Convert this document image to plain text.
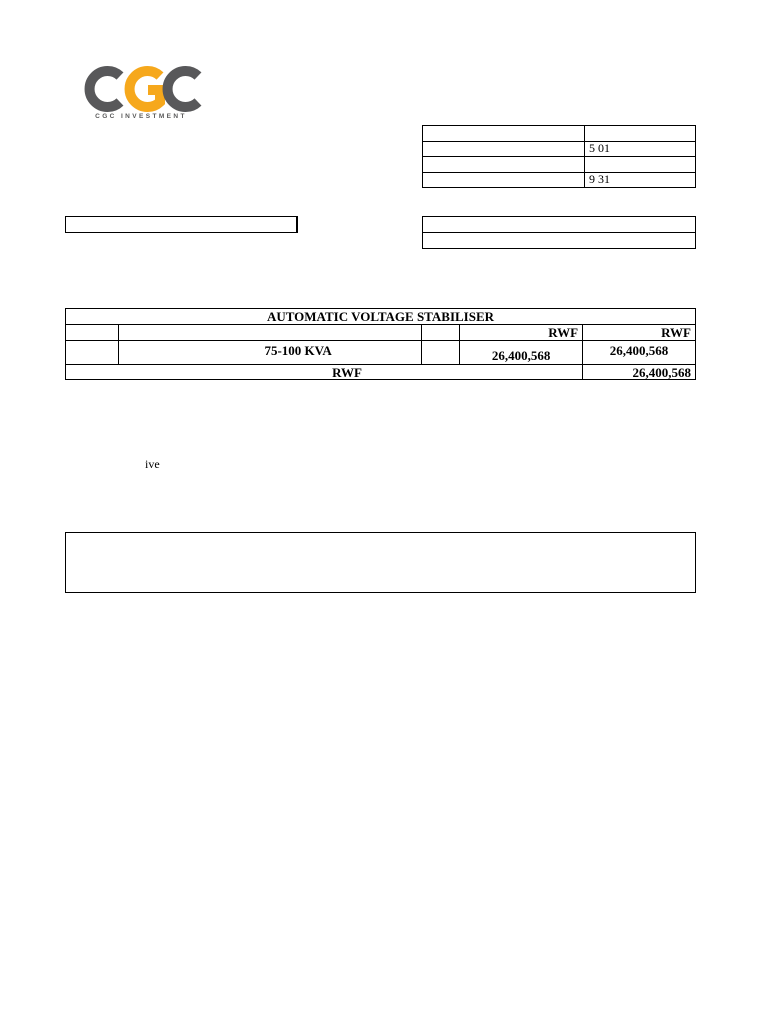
CGC INVESTMENT

	5 01

	9 31

AUTOMATIC VOLTAGE STABILISER				
			RWF	RWF
	75-100 KVA		26,400,568	26,400,568
RWF				26,400,568
ive
